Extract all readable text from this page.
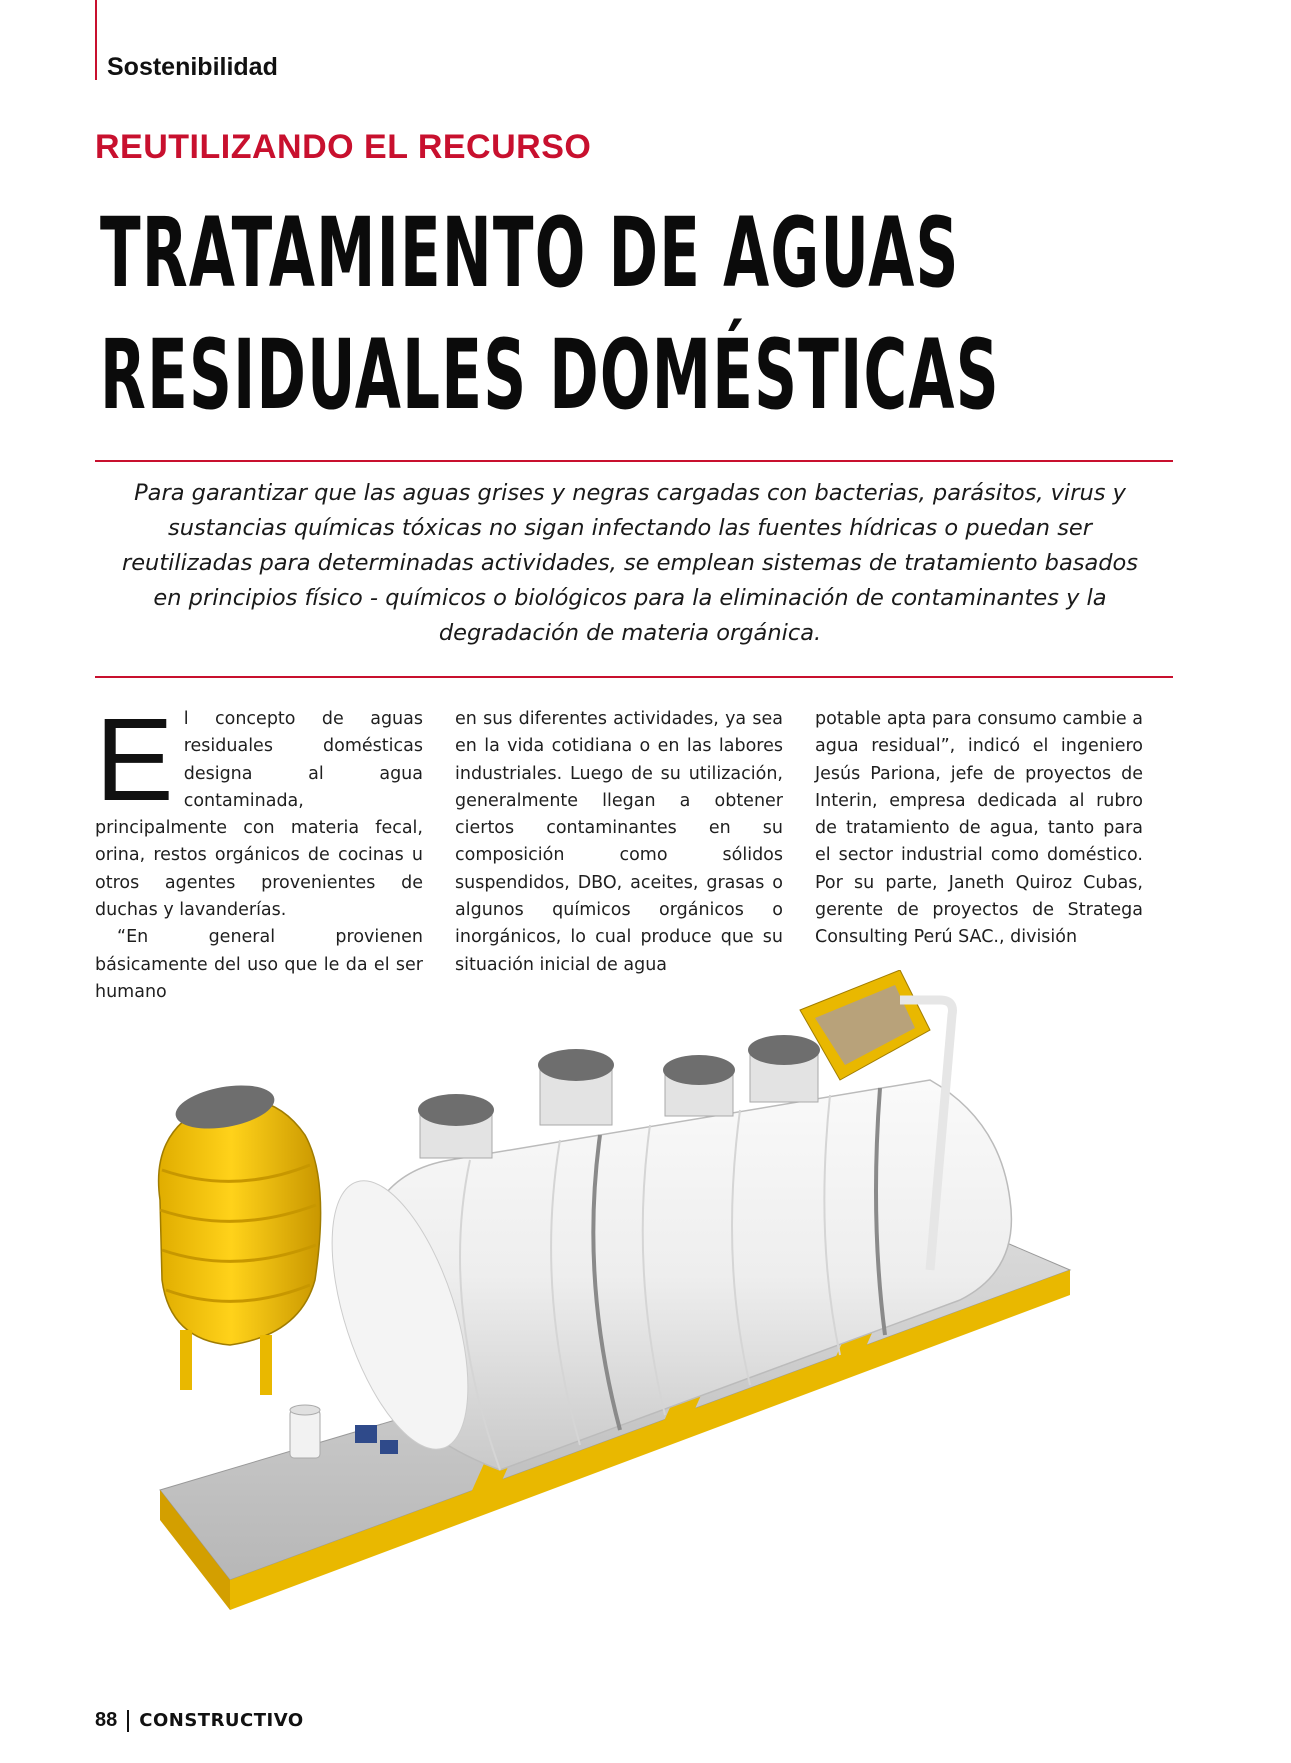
Sostenibilidad
REUTILIZANDO EL RECURSO
TRATAMIENTO DE AGUAS
RESIDUALES DOMÉSTICAS

Para garantizar que las aguas grises y negras cargadas con bacterias, parásitos, virus y sustancias químicas tóxicas no sigan infectando las fuentes hídricas o puedan ser reutilizadas para determinadas actividades, se emplean sistemas de tratamiento basados en principios físico - químicos o biológicos para la eliminación de contaminantes y la degradación de materia orgánica.

El concepto de aguas residuales domésticas designa al agua contaminada, principalmente con materia fecal, orina, restos orgánicos de cocinas u otros agentes provenientes de duchas y lavanderías.

“En general provienen básicamente del uso que le da el ser humano

en sus diferentes actividades, ya sea en la vida cotidiana o en las labores industriales. Luego de su utilización, generalmente llegan a obtener ciertos contaminantes en su composición como sólidos suspendidos, DBO, aceites, grasas o algunos químicos orgánicos o inorgánicos, lo cual produce que su situación inicial de agua

potable apta para consumo cambie a agua residual”, indicó el ingeniero Jesús Pariona, jefe de proyectos de Interin, empresa dedicada al rubro de tratamiento de agua, tanto para el sector industrial como doméstico. Por su parte, Janeth Quiroz Cubas, gerente de proyectos de Stratega Consulting Perú SAC., división

88 CONSTRUCTIVO
